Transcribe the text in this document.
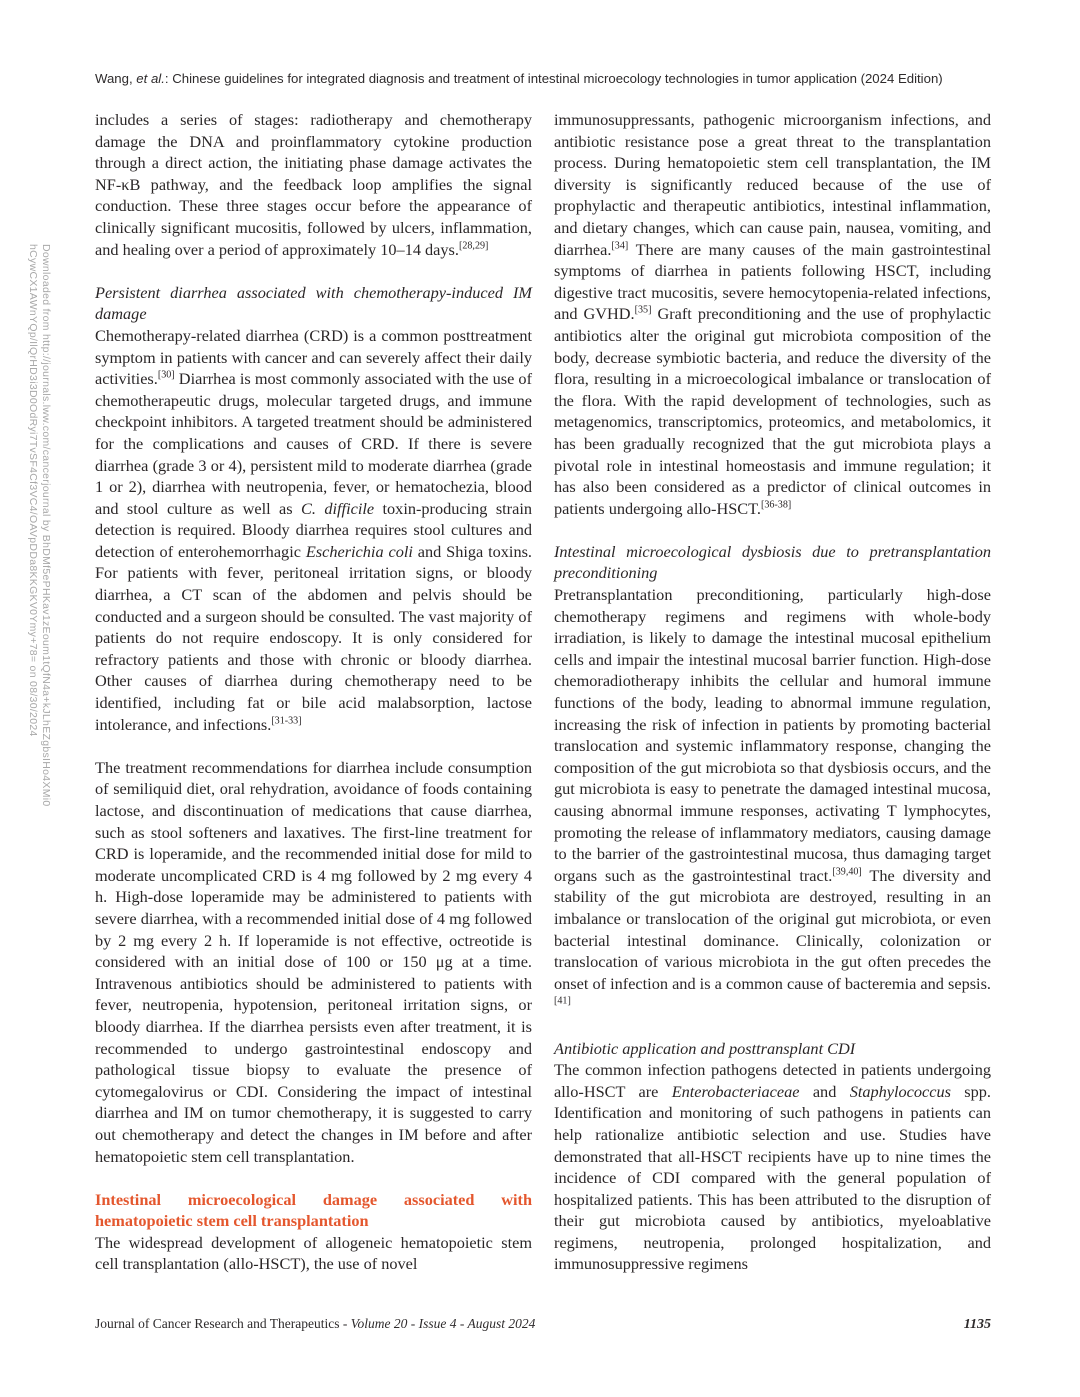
Wang, et al.: Chinese guidelines for integrated diagnosis and treatment of intestinal microecology technologies in tumor application (2024 Edition)
Downloaded from http://journals.lww.com/cancerjournal by BhDMf5ePHKav1zEoum1tQfN4a+kJLhEZgbsIHo4XMi0
hCywCX1AWnYQp/IlQrHD3i3D0OdRyi7TvSF4Cf3VC4/OAVpDDa8KKGKV0Ymy+78= on 08/30/2024
includes a series of stages: radiotherapy and chemotherapy damage the DNA and proinflammatory cytokine production through a direct action, the initiating phase damage activates the NF-κB pathway, and the feedback loop amplifies the signal conduction. These three stages occur before the appearance of clinically significant mucositis, followed by ulcers, inflammation, and healing over a period of approximately 10–14 days.[28,29]
Persistent diarrhea associated with chemotherapy-induced IM damage
Chemotherapy-related diarrhea (CRD) is a common posttreatment symptom in patients with cancer and can severely affect their daily activities.[30] Diarrhea is most commonly associated with the use of chemotherapeutic drugs, molecular targeted drugs, and immune checkpoint inhibitors. A targeted treatment should be administered for the complications and causes of CRD. If there is severe diarrhea (grade 3 or 4), persistent mild to moderate diarrhea (grade 1 or 2), diarrhea with neutropenia, fever, or hematochezia, blood and stool culture as well as C. difficile toxin-producing strain detection is required. Bloody diarrhea requires stool cultures and detection of enterohemorrhagic Escherichia coli and Shiga toxins. For patients with fever, peritoneal irritation signs, or bloody diarrhea, a CT scan of the abdomen and pelvis should be conducted and a surgeon should be consulted. The vast majority of patients do not require endoscopy. It is only considered for refractory patients and those with chronic or bloody diarrhea. Other causes of diarrhea during chemotherapy need to be identified, including fat or bile acid malabsorption, lactose intolerance, and infections.[31-33]
The treatment recommendations for diarrhea include consumption of semiliquid diet, oral rehydration, avoidance of foods containing lactose, and discontinuation of medications that cause diarrhea, such as stool softeners and laxatives. The first-line treatment for CRD is loperamide, and the recommended initial dose for mild to moderate uncomplicated CRD is 4 mg followed by 2 mg every 4 h. High-dose loperamide may be administered to patients with severe diarrhea, with a recommended initial dose of 4 mg followed by 2 mg every 2 h. If loperamide is not effective, octreotide is considered with an initial dose of 100 or 150 μg at a time. Intravenous antibiotics should be administered to patients with fever, neutropenia, hypotension, peritoneal irritation signs, or bloody diarrhea. If the diarrhea persists even after treatment, it is recommended to undergo gastrointestinal endoscopy and pathological tissue biopsy to evaluate the presence of cytomegalovirus or CDI. Considering the impact of intestinal diarrhea and IM on tumor chemotherapy, it is suggested to carry out chemotherapy and detect the changes in IM before and after hematopoietic stem cell transplantation.
Intestinal microecological damage associated with hematopoietic stem cell transplantation
The widespread development of allogeneic hematopoietic stem cell transplantation (allo-HSCT), the use of novel
immunosuppressants, pathogenic microorganism infections, and antibiotic resistance pose a great threat to the transplantation process. During hematopoietic stem cell transplantation, the IM diversity is significantly reduced because of the use of prophylactic and therapeutic antibiotics, intestinal inflammation, and dietary changes, which can cause pain, nausea, vomiting, and diarrhea.[34] There are many causes of the main gastrointestinal symptoms of diarrhea in patients following HSCT, including digestive tract mucositis, severe hemocytopenia-related infections, and GVHD.[35] Graft preconditioning and the use of prophylactic antibiotics alter the original gut microbiota composition of the body, decrease symbiotic bacteria, and reduce the diversity of the flora, resulting in a microecological imbalance or translocation of the flora. With the rapid development of technologies, such as metagenomics, transcriptomics, proteomics, and metabolomics, it has been gradually recognized that the gut microbiota plays a pivotal role in intestinal homeostasis and immune regulation; it has also been considered as a predictor of clinical outcomes in patients undergoing allo-HSCT.[36-38]
Intestinal microecological dysbiosis due to pretransplantation preconditioning
Pretransplantation preconditioning, particularly high-dose chemotherapy regimens and regimens with whole-body irradiation, is likely to damage the intestinal mucosal epithelium cells and impair the intestinal mucosal barrier function. High-dose chemoradiotherapy inhibits the cellular and humoral immune functions of the body, leading to abnormal immune regulation, increasing the risk of infection in patients by promoting bacterial translocation and systemic inflammatory response, changing the composition of the gut microbiota so that dysbiosis occurs, and the gut microbiota is easy to penetrate the damaged intestinal mucosa, causing abnormal immune responses, activating T lymphocytes, promoting the release of inflammatory mediators, causing damage to the barrier of the gastrointestinal mucosa, thus damaging target organs such as the gastrointestinal tract.[39,40] The diversity and stability of the gut microbiota are destroyed, resulting in an imbalance or translocation of the original gut microbiota, or even bacterial intestinal dominance. Clinically, colonization or translocation of various microbiota in the gut often precedes the onset of infection and is a common cause of bacteremia and sepsis.[41]
Antibiotic application and posttransplant CDI
The common infection pathogens detected in patients undergoing allo-HSCT are Enterobacteriaceae and Staphylococcus spp. Identification and monitoring of such pathogens in patients can help rationalize antibiotic selection and use. Studies have demonstrated that all-HSCT recipients have up to nine times the incidence of CDI compared with the general population of hospitalized patients. This has been attributed to the disruption of their gut microbiota caused by antibiotics, myeloablative regimens, neutropenia, prolonged hospitalization, and immunosuppressive regimens
Journal of Cancer Research and Therapeutics - Volume 20 - Issue 4 - August 2024	1135
